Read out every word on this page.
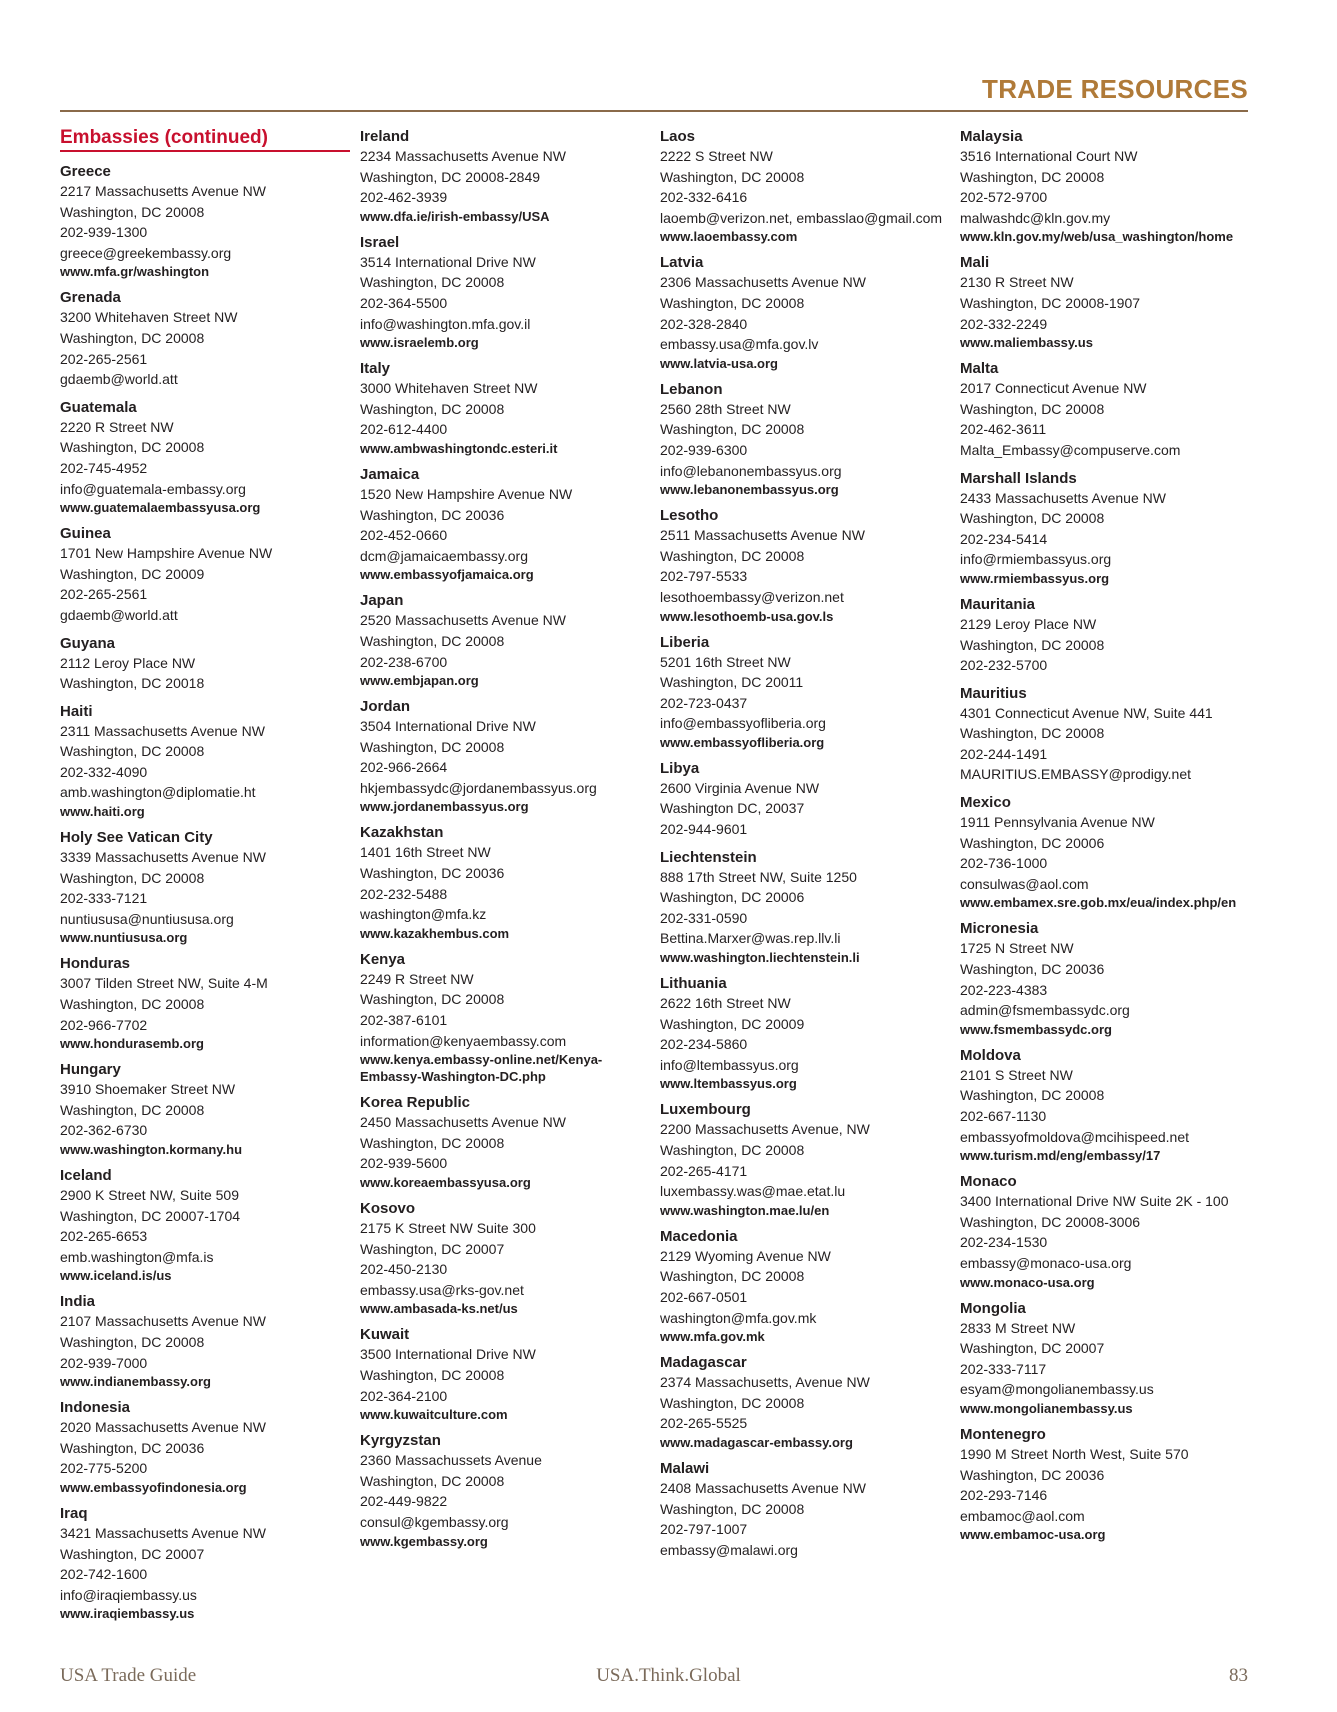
TRADE RESOURCES
Embassies (continued)
Greece
2217 Massachusetts Avenue NW
Washington, DC 20008
202-939-1300
greece@greekembassy.org
www.mfa.gr/washington
Grenada
3200 Whitehaven Street NW
Washington, DC 20008
202-265-2561
gdaemb@world.att
Guatemala
2220 R Street NW
Washington, DC 20008
202-745-4952
info@guatemala-embassy.org
www.guatemalaembassyusa.org
Guinea
1701 New Hampshire Avenue NW
Washington, DC 20009
202-265-2561
gdaemb@world.att
Guyana
2112 Leroy Place NW
Washington, DC 20018
Haiti
2311 Massachusetts Avenue NW
Washington, DC 20008
202-332-4090
amb.washington@diplomatie.ht
www.haiti.org
Holy See Vatican City
3339 Massachusetts Avenue NW
Washington, DC 20008
202-333-7121
nuntiususa@nuntiususa.org
www.nuntiususa.org
Honduras
3007 Tilden Street NW, Suite 4-M
Washington, DC 20008
202-966-7702
www.hondurasemb.org
Hungary
3910 Shoemaker Street NW
Washington, DC 20008
202-362-6730
www.washington.kormany.hu
Iceland
2900 K Street NW, Suite 509
Washington, DC 20007-1704
202-265-6653
emb.washington@mfa.is
www.iceland.is/us
India
2107 Massachusetts Avenue NW
Washington, DC 20008
202-939-7000
www.indianembassy.org
Indonesia
2020 Massachusetts Avenue NW
Washington, DC 20036
202-775-5200
www.embassyofindonesia.org
Iraq
3421 Massachusetts Avenue NW
Washington, DC 20007
202-742-1600
info@iraqiembassy.us
www.iraqiembassy.us
Ireland
2234 Massachusetts Avenue NW
Washington, DC 20008-2849
202-462-3939
www.dfa.ie/irish-embassy/USA
Israel
3514 International Drive NW
Washington, DC 20008
202-364-5500
info@washington.mfa.gov.il
www.israelemb.org
Italy
3000 Whitehaven Street NW
Washington, DC 20008
202-612-4400
www.ambwashingtondc.esteri.it
Jamaica
1520 New Hampshire Avenue NW
Washington, DC 20036
202-452-0660
dcm@jamaicaembassy.org
www.embassyofjamaica.org
Japan
2520 Massachusetts Avenue NW
Washington, DC 20008
202-238-6700
www.embjapan.org
Jordan
3504 International Drive NW
Washington, DC 20008
202-966-2664
hkjembassydc@jordanembassyus.org
www.jordanembassyus.org
Kazakhstan
1401 16th Street NW
Washington, DC 20036
202-232-5488
washington@mfa.kz
www.kazakhembus.com
Kenya
2249 R Street NW
Washington, DC 20008
202-387-6101
information@kenyaembassy.com
www.kenya.embassy-online.net/Kenya-
Embassy-Washington-DC.php
Korea Republic
2450 Massachusetts Avenue NW
Washington, DC 20008
202-939-5600
www.koreaembassyusa.org
Kosovo
2175 K Street NW Suite 300
Washington, DC 20007
202-450-2130
embassy.usa@rks-gov.net
www.ambasada-ks.net/us
Kuwait
3500 International Drive NW
Washington, DC 20008
202-364-2100
www.kuwaitculture.com
Kyrgyzstan
2360 Massachussets Avenue
Washington, DC 20008
202-449-9822
consul@kgembassy.org
www.kgembassy.org
Laos
2222 S Street NW
Washington, DC 20008
202-332-6416
laoemb@verizon.net, embasslao@gmail.com
www.laoembassy.com
Latvia
2306 Massachusetts Avenue NW
Washington, DC 20008
202-328-2840
embassy.usa@mfa.gov.lv
www.latvia-usa.org
Lebanon
2560 28th Street NW
Washington, DC 20008
202-939-6300
info@lebanonembassyus.org
www.lebanonembassyus.org
Lesotho
2511 Massachusetts Avenue NW
Washington, DC 20008
202-797-5533
lesothoembassy@verizon.net
www.lesothoemb-usa.gov.ls
Liberia
5201 16th Street NW
Washington, DC 20011
202-723-0437
info@embassyofliberia.org
www.embassyofliberia.org
Libya
2600 Virginia Avenue NW
Washington DC, 20037
202-944-9601
Liechtenstein
888 17th Street NW, Suite 1250
Washington, DC 20006
202-331-0590
Bettina.Marxer@was.rep.llv.li
www.washington.liechtenstein.li
Lithuania
2622 16th Street NW
Washington, DC 20009
202-234-5860
info@ltembassyus.org
www.ltembassyus.org
Luxembourg
2200 Massachusetts Avenue, NW
Washington, DC 20008
202-265-4171
luxembassy.was@mae.etat.lu
www.washington.mae.lu/en
Macedonia
2129 Wyoming Avenue NW
Washington, DC 20008
202-667-0501
washington@mfa.gov.mk
www.mfa.gov.mk
Madagascar
2374 Massachusetts, Avenue NW
Washington, DC 20008
202-265-5525
www.madagascar-embassy.org
Malawi
2408 Massachusetts Avenue NW
Washington, DC 20008
202-797-1007
embassy@malawi.org
Malaysia
3516 International Court NW
Washington, DC 20008
202-572-9700
malwashdc@kln.gov.my
www.kln.gov.my/web/usa_washington/home
Mali
2130 R Street NW
Washington, DC 20008-1907
202-332-2249
www.maliembassy.us
Malta
2017 Connecticut Avenue NW
Washington, DC 20008
202-462-3611
Malta_Embassy@compuserve.com
Marshall Islands
2433 Massachusetts Avenue NW
Washington, DC 20008
202-234-5414
info@rmiembassyus.org
www.rmiembassyus.org
Mauritania
2129 Leroy Place NW
Washington, DC 20008
202-232-5700
Mauritius
4301 Connecticut Avenue NW, Suite 441
Washington, DC 20008
202-244-1491
MAURITIUS.EMBASSY@prodigy.net
Mexico
1911 Pennsylvania Avenue NW
Washington, DC 20006
202-736-1000
consulwas@aol.com
www.embamex.sre.gob.mx/eua/index.php/en
Micronesia
1725 N Street NW
Washington, DC 20036
202-223-4383
admin@fsmembassydc.org
www.fsmembassydc.org
Moldova
2101 S Street NW
Washington, DC 20008
202-667-1130
embassyofmoldova@mcihispeed.net
www.turism.md/eng/embassy/17
Monaco
3400 International Drive NW Suite 2K - 100
Washington, DC 20008-3006
202-234-1530
embassy@monaco-usa.org
www.monaco-usa.org
Mongolia
2833 M Street NW
Washington, DC 20007
202-333-7117
esyam@mongolianembassy.us
www.mongolianembassy.us
Montenegro
1990 M Street North West, Suite 570
Washington, DC 20036
202-293-7146
embamoc@aol.com
www.embamoc-usa.org
USA Trade Guide	USA.Think.Global	83
